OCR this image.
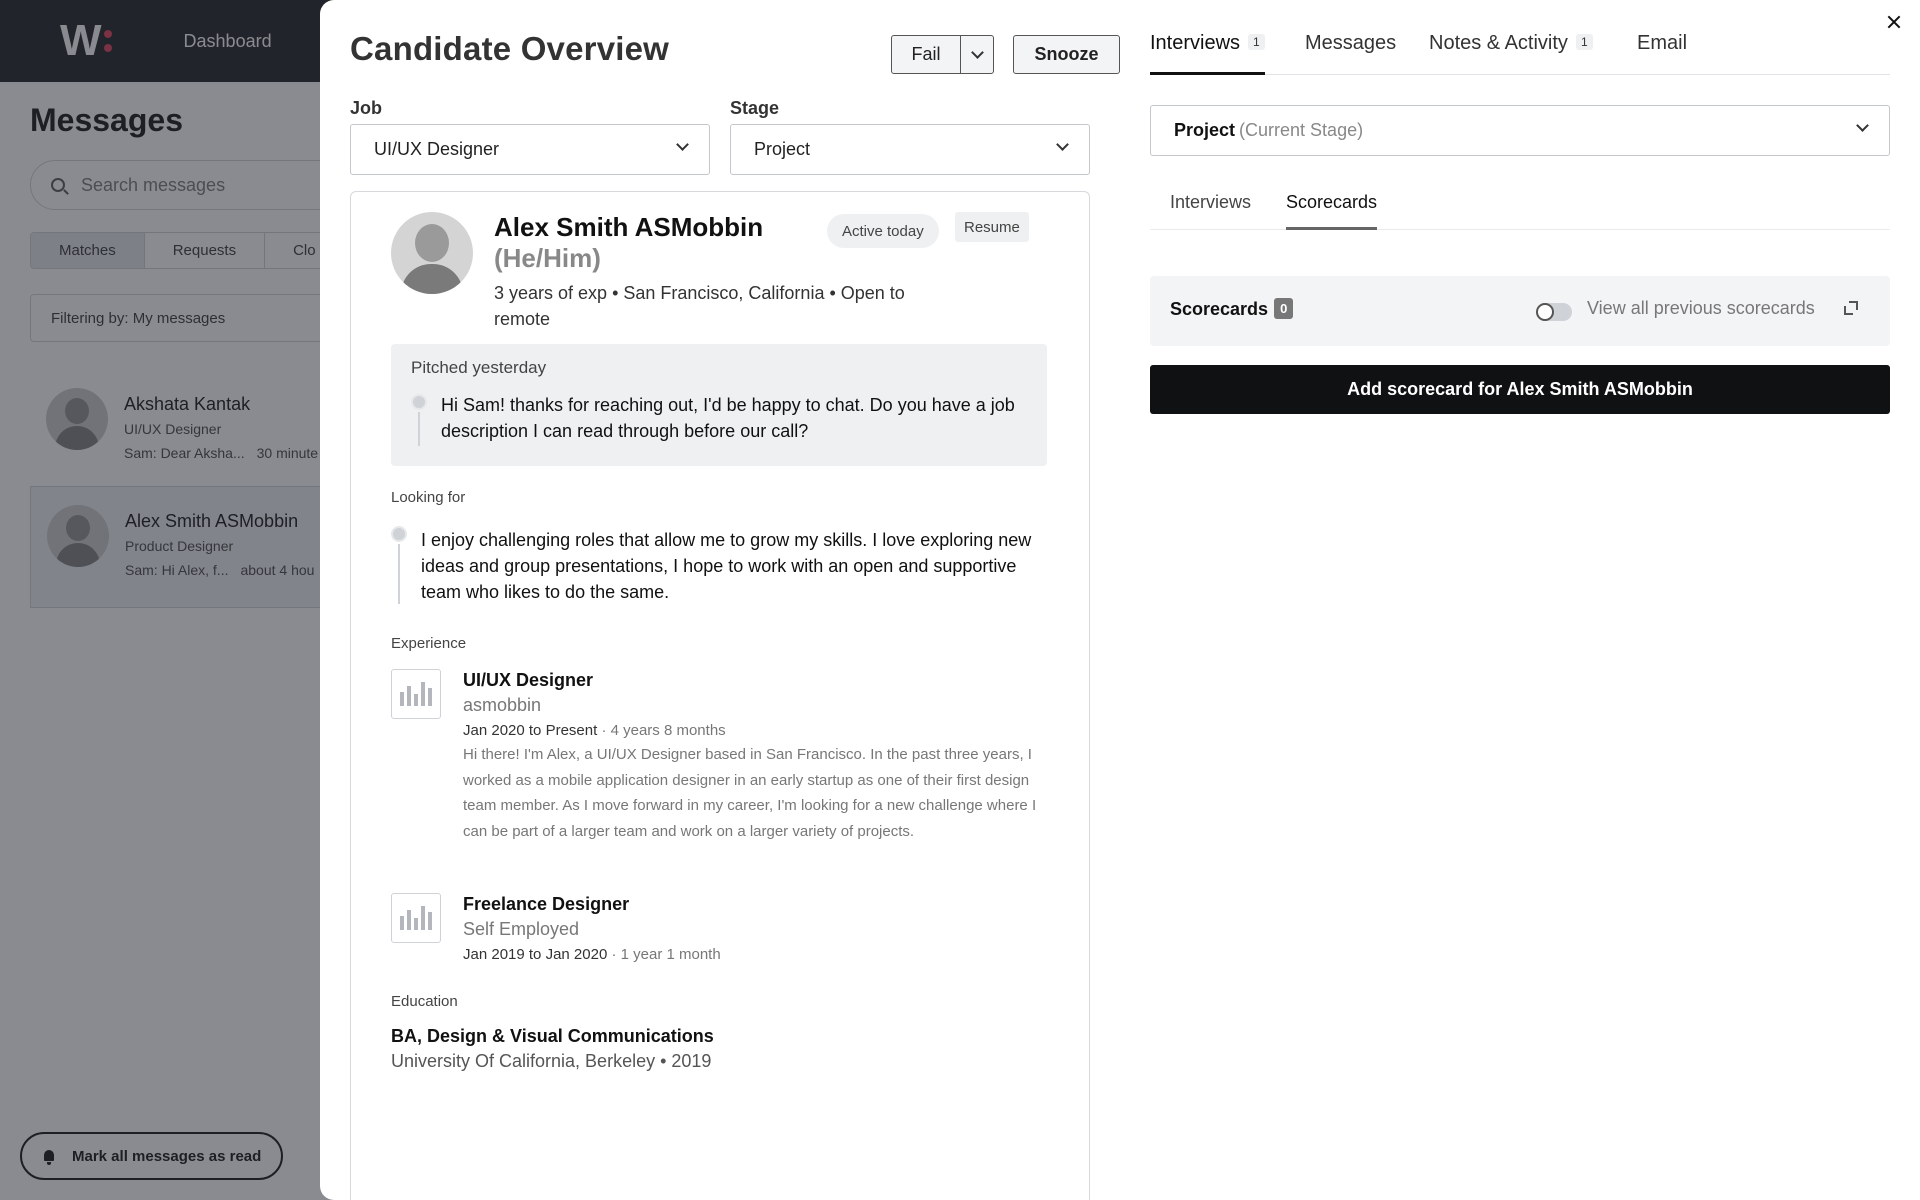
Candidate Overview	Fail	Snooze
Job
UI/UX Designer
Stage
Project
Alex Smith ASMobbin
(He/Him)
3 years of exp • San Francisco, California • Open to remote
Active today	Resume
Pitched yesterday
Hi Sam! thanks for reaching out, I'd be happy to chat. Do you have a job description I can read through before our call?
Looking for
I enjoy challenging roles that allow me to grow my skills. I love exploring new ideas and group presentations, I hope to work with an open and supportive team who likes to do the same.
Experience
UI/UX Designer
asmobbin
Jan 2020 to Present · 4 years 8 months
Hi there! I'm Alex, a UI/UX Designer based in San Francisco. In the past three years, I worked as a mobile application designer in an early startup as one of their first design team member. As I move forward in my career, I'm looking for a new challenge where I can be part of a larger team and work on a larger variety of projects.
Freelance Designer
Self Employed
Jan 2019 to Jan 2020 · 1 year 1 month
Education
BA, Design & Visual Communications
University Of California, Berkeley • 2019
Interviews 1 Messages Notes & Activity 1 Email
Project (Current Stage)
Interviews Scorecards
Scorecards 0	View all previous scorecards
Add scorecard for Alex Smith ASMobbin
